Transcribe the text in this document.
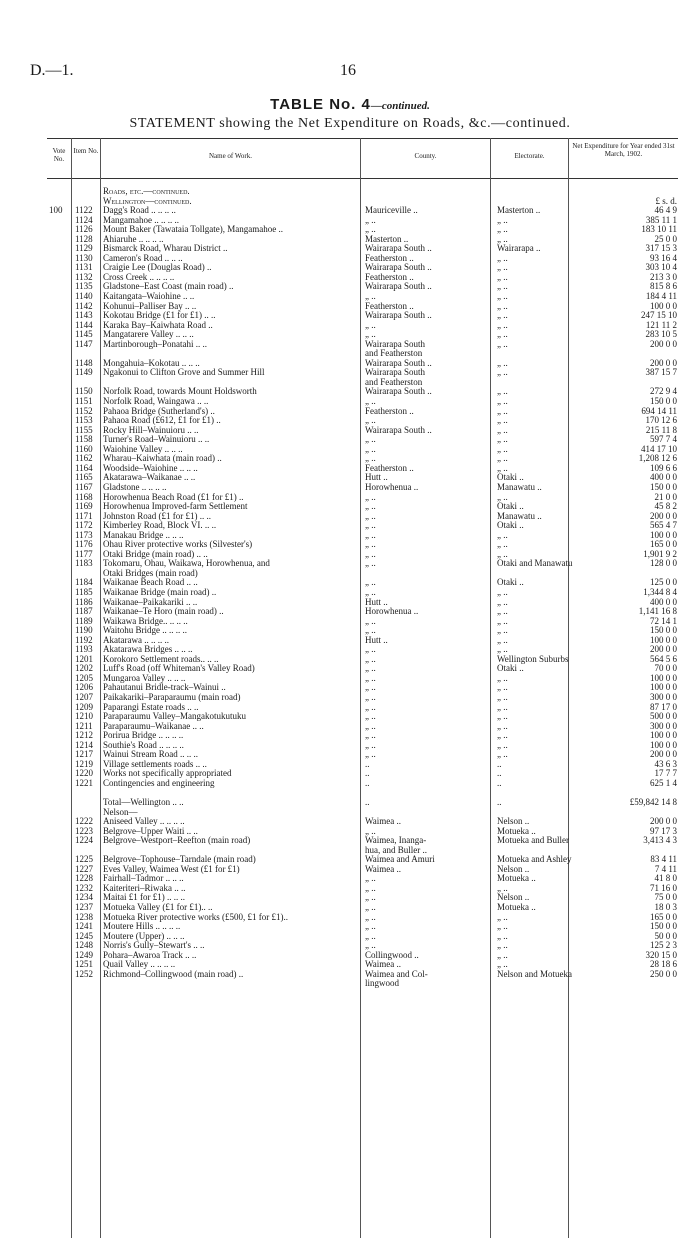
D.—1.	16
TABLE No. 4—continued.
STATEMENT showing the Net Expenditure on Roads, &c.—continued.
Vote No.
Item No.
Name of Work.	County.	Electorate.
Net Expenditure for Year ended 31st March, 1902.
Roads, etc.—continued.
Wellington—continued.	£ s. d.
100	1122	Dagg's Road .. .. .. ..	Mauriceville ..	Masterton ..	46 4 9
1124	Mangamahoe .. .. .. ..	„ ..	„ ..	385 11 1
1126	Mount Baker (Tawataia Tollgate), Mangamahoe ..	„ ..	„ ..	183 10 11
1128	Ahiaruhe .. .. .. ..	Masterton ..	„ ..	25 0 0
1129	Bismarck Road, Wharau District ..	Wairarapa South ..	Wairarapa ..	317 15 3
1130	Cameron's Road .. .. ..	Featherston ..	„ ..	93 16 4
1131	Craigie Lee (Douglas Road) ..	Wairarapa South ..	„ ..	303 10 4
1132	Cross Creek .. .. .. ..	Featherston ..	„ ..	213 3 0
1135	Gladstone–East Coast (main road) ..	Wairarapa South ..	„ ..	815 8 6
1140	Kaitangata–Waiohine .. ..	„ ..	„ ..	184 4 11
1142	Kohunui–Palliser Bay .. ..	Featherston ..	„ ..	100 0 0
1143	Kokotau Bridge (£1 for £1) .. ..	Wairarapa South ..	„ ..	247 15 10
1144	Karaka Bay–Kaiwhata Road ..	„ ..	„ ..	121 11 2
1145	Mangatarere Valley .. .. ..	„ ..	„ ..	283 10 5
1147	Martinborough–Ponatahi .. ..	Wairarapa South	„ ..	200 0 0
and Featherston
1148	Mongahuia–Kokotau .. .. ..	Wairarapa South ..	„ ..	200 0 0
1149	Ngakonui to Clifton Grove and Summer Hill	Wairarapa South	„ ..	387 15 7
and Featherston
1150	Norfolk Road, towards Mount Holdsworth	Wairarapa South ..	„ ..	272 9 4
1151	Norfolk Road, Waingawa .. ..	„ ..	„ ..	150 0 0
1152	Pahaoa Bridge (Sutherland's) ..	Featherston ..	„ ..	694 14 11
1153	Pahaoa Road (£612, £1 for £1) ..	„ ..	„ ..	170 12 6
1155	Rocky Hill–Wainuioru .. ..	Wairarapa South ..	„ ..	215 11 8
1158	Turner's Road–Wainuioru .. ..	„ ..	„ ..	597 7 4
1160	Waiohine Valley .. .. ..	„ ..	„ ..	414 17 10
1162	Wharau–Kaiwhata (main road) ..	„ ..	„ ..	1,208 12 6
1164	Woodside–Waiohine .. .. ..	Featherston ..	„ ..	109 6 6
1165	Akatarawa–Waikanae .. ..	Hutt ..	Otaki ..	400 0 0
1167	Gladstone .. .. .. ..	Horowhenua ..	Manawatu ..	150 0 0
1168	Horowhenua Beach Road (£1 for £1) ..	„ ..	„ ..	21 0 0
1169	Horowhenua Improved-farm Settlement	„ ..	Otaki ..	45 8 2
1171	Johnston Road (£1 for £1) .. ..	„ ..	Manawatu ..	200 0 0
1172	Kimberley Road, Block VI. .. ..	„ ..	Otaki ..	565 4 7
1173	Manakau Bridge .. .. ..	„ ..	„ ..	100 0 0
1176	Ohau River protective works (Silvester's)	„ ..	„ ..	165 0 0
1177	Otaki Bridge (main road) .. ..	„ ..	„ ..	1,901 9 2
1183	Tokomaru, Ohau, Waikawa, Horowhenua, and	„ ..	Otaki and Manawatu	128 0 0
Otaki Bridges (main road)
1184	Waikanae Beach Road .. ..	„ ..	Otaki ..	125 0 0
1185	Waikanae Bridge (main road) ..	„ ..	„ ..	1,344 8 4
1186	Waikanae–Paikakariki .. ..	Hutt ..	„ ..	400 0 0
1187	Waikanae–Te Horo (main road) ..	Horowhenua ..	„ ..	1,141 16 8
1189	Waikawa Bridge.. .. .. ..	„ ..	„ ..	72 14 1
1190	Waitohu Bridge .. .. .. ..	„ ..	„ ..	150 0 0
1192	Akatarawa .. .. .. ..	Hutt ..	„ ..	100 0 0
1193	Akatarawa Bridges .. .. ..	„ ..	„ ..	200 0 0
1201	Korokoro Settlement roads.. .. ..	„ ..	Wellington Suburbs	564 5 6
1202	Luff's Road (off Whiteman's Valley Road)	„ ..	Otaki ..	70 0 0
1205	Mungaroa Valley .. .. ..	„ ..	„ ..	100 0 0
1206	Pahautanui Bridle-track–Wainui ..	„ ..	„ ..	100 0 0
1207	Paikakariki–Paraparaumu (main road)	„ ..	„ ..	300 0 0
1209	Paparangi Estate roads .. ..	„ ..	„ ..	87 17 0
1210	Paraparaumu Valley–Mangakotukutuku	„ ..	„ ..	500 0 0
1211	Paraparaumu–Waikanae .. ..	„ ..	„ ..	300 0 0
1212	Porirua Bridge .. .. .. ..	„ ..	„ ..	100 0 0
1214	Southie's Road .. .. .. ..	„ ..	„ ..	100 0 0
1217	Wainui Stream Road .. .. ..	„ ..	„ ..	200 0 0
1219	Village settlements roads .. ..	..	..	43 6 3
1220	Works not specifically appropriated	..	..	17 7 7
1221	Contingencies and engineering	..	..	625 1 4
Total—Wellington .. ..	..	..	£59,842 14 8
Nelson—
1222	Aniseed Valley .. .. .. ..	Waimea ..	Nelson ..	200 0 0
1223	Belgrove–Upper Waiti .. ..	„ ..	Motueka ..	97 17 3
1224	Belgrove–Westport–Reefton (main road)	Waimea, Inanga-	Motueka and Buller	3,413 4 3
hua, and Buller ..
1225	Belgrove–Tophouse–Tarndale (main road)	Waimea and Amuri	Motueka and Ashley	83 4 11
1227	Eves Valley, Waimea West (£1 for £1)	Waimea ..	Nelson ..	7 4 11
1228	Fairhall–Tadmor .. .. ..	„ ..	Motueka ..	41 8 0
1232	Kaiteriteri–Riwaka .. ..	„ ..	„ ..	71 16 0
1234	Maitai £1 for £1) .. .. ..	„ ..	Nelson ..	75 0 0
1237	Motueka Valley (£1 for £1).. ..	„ ..	Motueka ..	18 0 3
1238	Motueka River protective works (£500, £1 for £1)..	„ ..	„ ..	165 0 0
1241	Moutere Hills .. .. .. ..	„ ..	„ ..	150 0 0
1245	Moutere (Upper) .. .. ..	„ ..	„ ..	50 0 0
1248	Norris's Gully–Stewart's .. ..	„ ..	„ ..	125 2 3
1249	Pohara–Awaroa Track .. ..	Collingwood ..	„ ..	320 15 0
1251	Quail Valley .. .. .. ..	Waimea ..	„ ..	28 18 6
1252	Richmond–Collingwood (main road) ..	Waimea and Col-	Nelson and Motueka	250 0 0
lingwood
